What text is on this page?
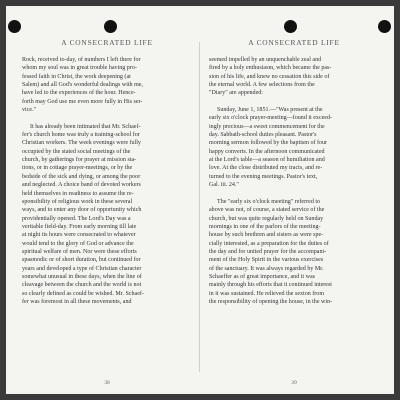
A CONSECRATED LIFE
Rock, received to-day, of numbers I left there for
whom my soul was in great trouble having pro-
fessed faith in Christ, the work deepening (at
Salem) and all God's wonderful dealings with me,
have led to the experiences of the hour. Hence-
forth may God use me even more fully in His ser-
vice."
It has already been intimated that Mr. Schaef-
fer's church home was truly a training-school for
Christian workers. The week evenings were fully
occupied by the stated social meetings of the
church, by gatherings for prayer at mission sta-
tions, or in cottage prayer-meetings, or by the
bedside of the sick and dying, or among the poor
and neglected. A choice band of devoted workers
held themselves in readiness to assume the re-
sponsibility of religious work in these several
ways, and to enter any door of opportunity which
providentially opened. The Lord's Day was a
veritable field-day. From early morning till late
at night its hours were consecrated to whatever
would tend to the glory of God or advance the
spiritual welfare of men. Nor were these efforts
spasmodic or of short duration, but continued for
years and developed a type of Christian character
somewhat unusual in these days, when the line of
cleavage between the church and the world is not
so clearly defined as could be wished. Mr. Schaef-
fer was foremost in all these movements, and
38
A CONSECRATED LIFE
seemed impelled by an unquenchable zeal and
fired by a holy enthusiasm, which became the pas-
sion of his life, and knew no cessation this side of
the eternal world. A few selections from the
"Diary" are appended:
Sunday, June 1, 1851.—"Was present at the
early six o'clock prayer-meeting—found it exceed-
ingly precious—a sweet commencement for the
day. Sabbath-school duties pleasant. Pastor's
morning sermon followed by the baptism of four
happy converts. In the afternoon communicated
at the Lord's table—a season of humiliation and
love. At the close distributed my tracts, and re-
turned to the evening meetings. Pastor's text,
Gal. iii. 24."
The "early six o'clock meeting" referred to
above was not, of course, a stated service of the
church, but was quite regularly held on Sunday
mornings in one of the parlors of the meeting-
house by such brethren and sisters as were spe-
cially interested, as a preparation for the duties of
the day and for united prayer for the accompani-
ment of the Holy Spirit in the various exercises
of the sanctuary. It was always regarded by Mr.
Schaeffer as of great importance, and it was
mainly through his efforts that it continued interest
in it was sustained. He relieved the sexton from
the responsibility of opening the house, in the win-
39
